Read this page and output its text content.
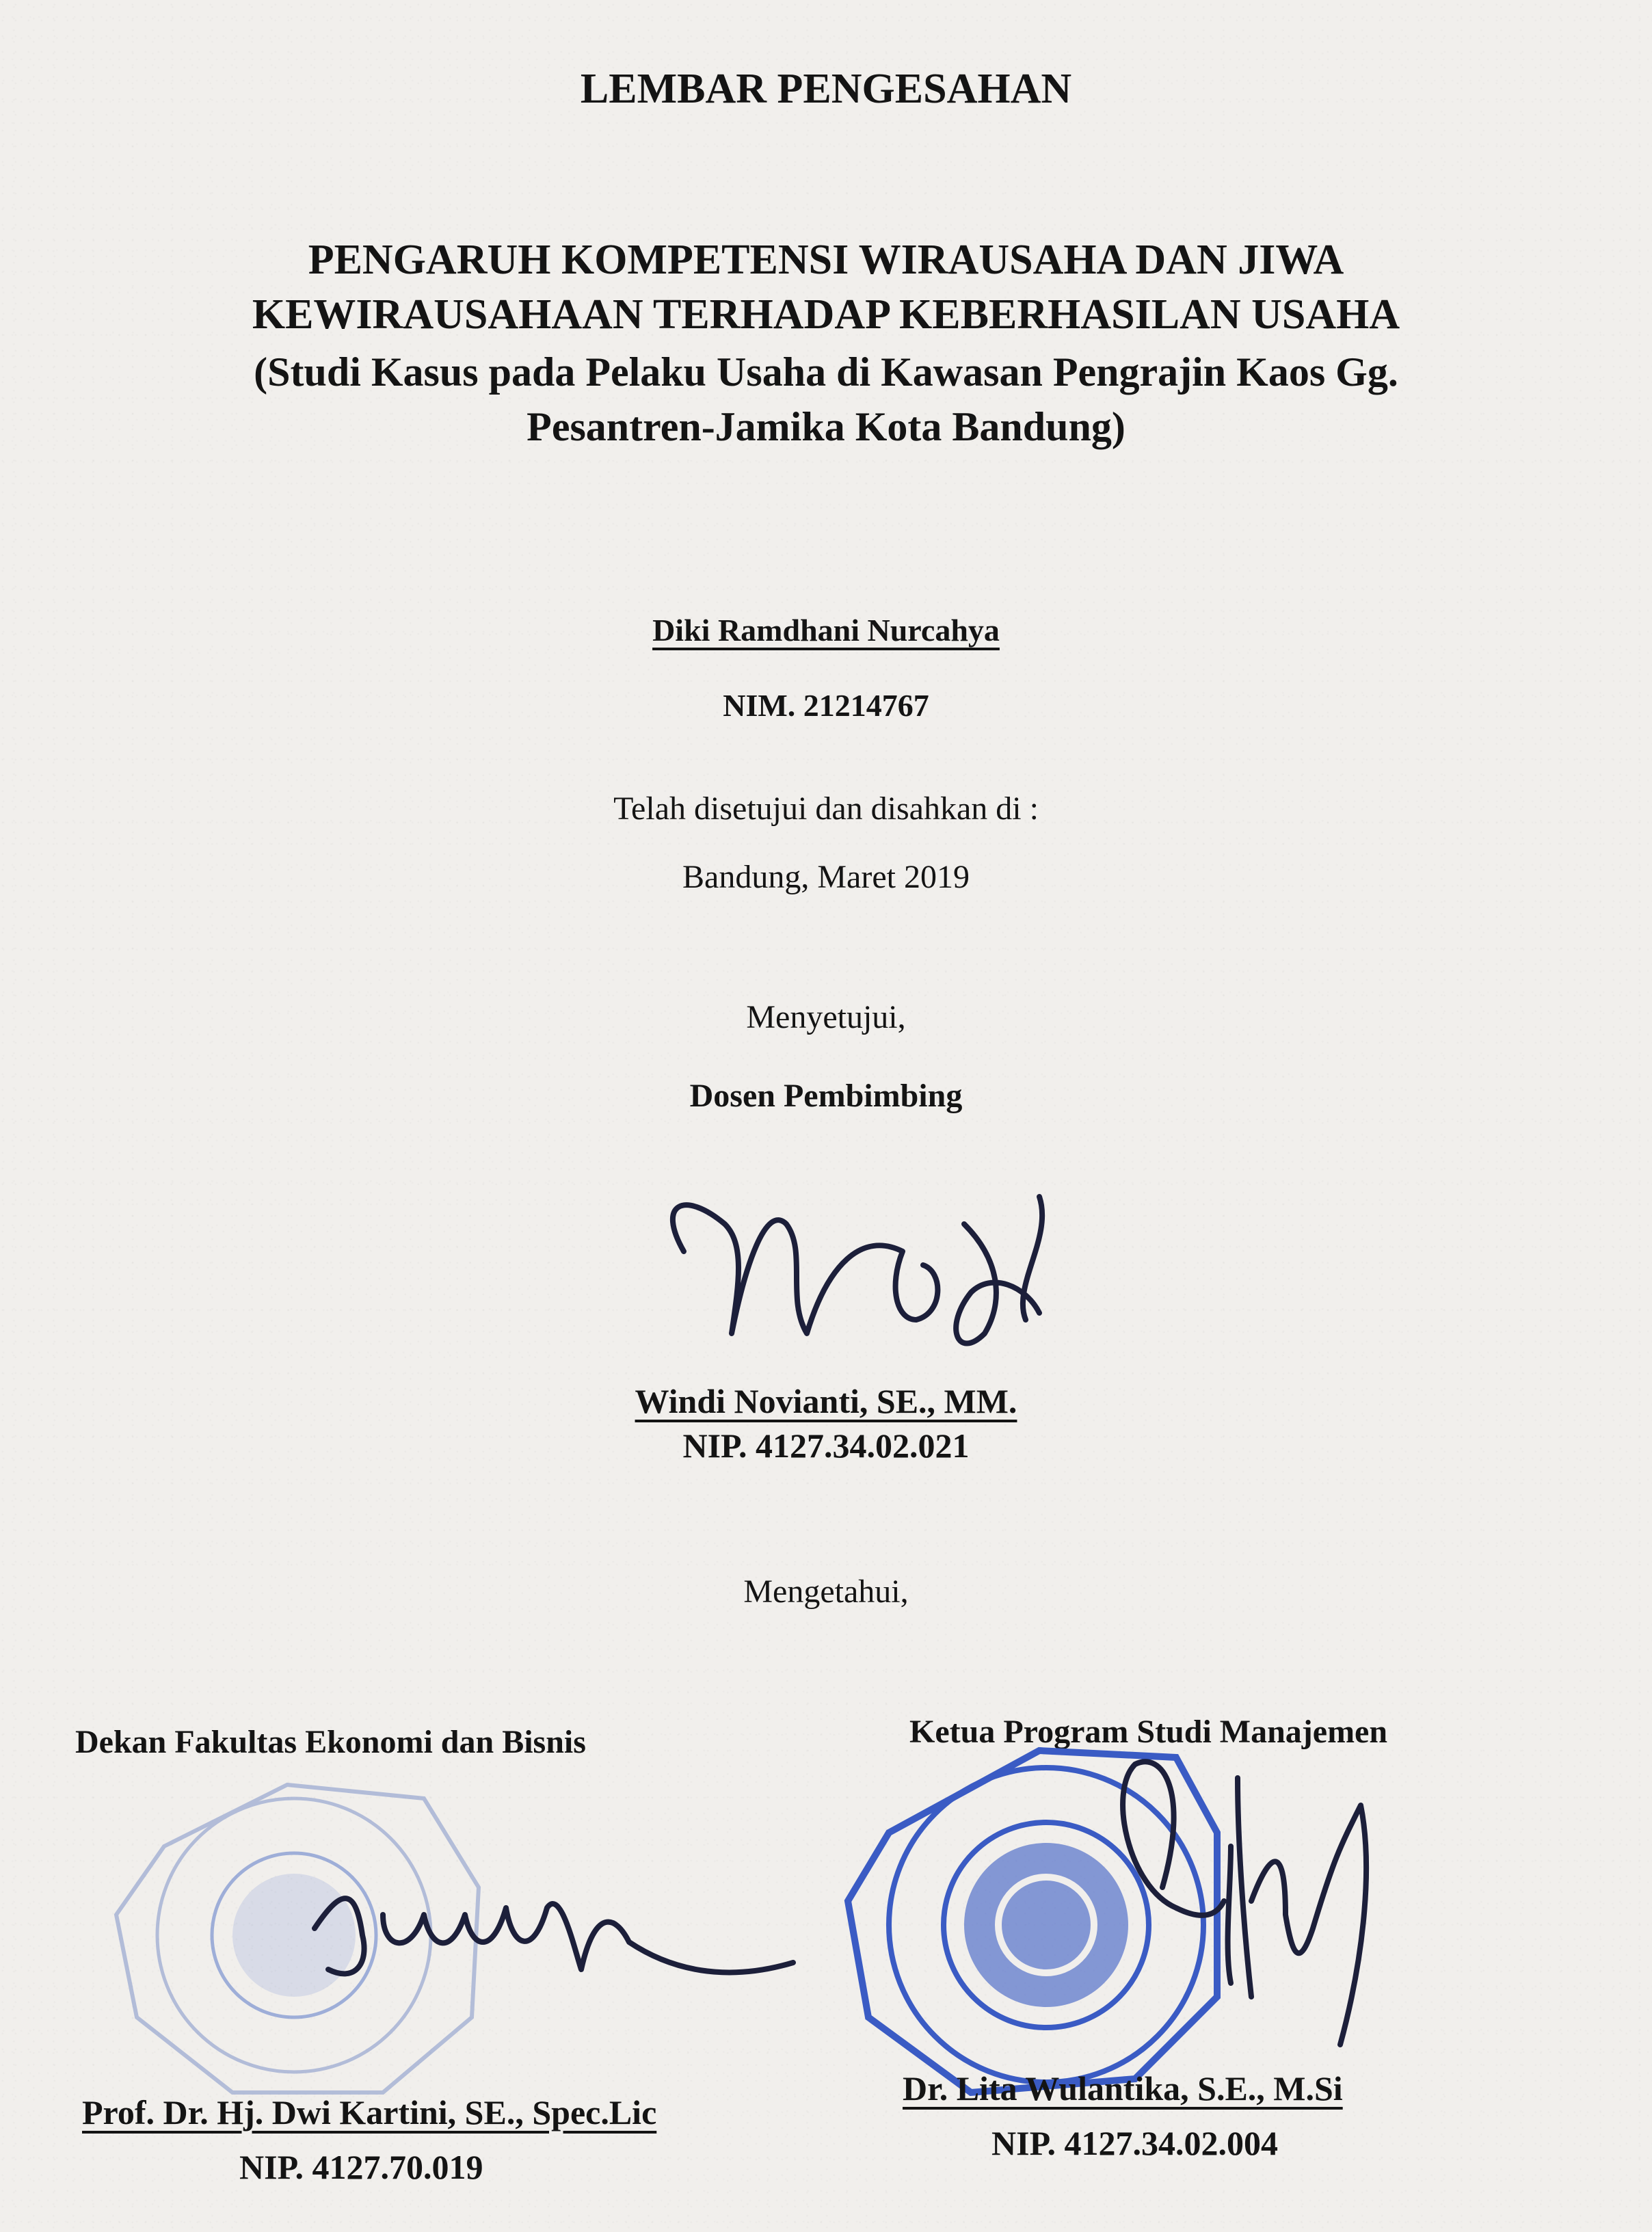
LEMBAR PENGESAHAN
PENGARUH KOMPETENSI WIRAUSAHA DAN JIWA
KEWIRAUSAHAAN TERHADAP KEBERHASILAN USAHA
(Studi Kasus pada Pelaku Usaha di Kawasan Pengrajin Kaos Gg.
Pesantren-Jamika Kota Bandung)
Diki Ramdhani Nurcahya
NIM. 21214767
Telah disetujui dan disahkan di :
Bandung, Maret 2019
Menyetujui,
Dosen Pembimbing
Windi Novianti, SE., MM.
NIP. 4127.34.02.021
Mengetahui,
Dekan Fakultas Ekonomi dan Bisnis	Ketua Program Studi Manajemen
Prof. Dr. Hj. Dwi Kartini, SE., Spec.Lic
NIP. 4127.70.019
Dr. Lita Wulantika, S.E., M.Si
NIP. 4127.34.02.004
